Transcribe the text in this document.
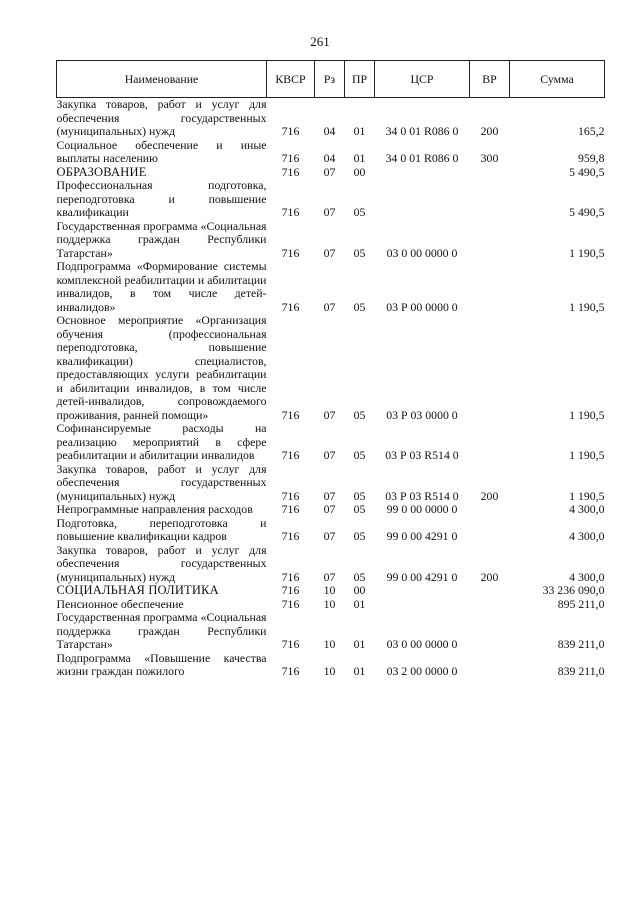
261
Наименование	КВСР	Рз	ПР	ЦСР	ВР	Сумма
Закупка товаров, работ и услуг для обеспечения государственных (муниципальных) нужд	716	04	01	34 0 01 R086 0	200	165,2
Социальное обеспечение и иные выплаты населению	716	04	01	34 0 01 R086 0	300	959,8
ОБРАЗОВАНИЕ	716	07	00			5 490,5
Профессиональная подготовка, переподготовка и повышение квалификации	716	07	05			5 490,5
Государственная программа «Социальная поддержка граждан Республики Татарстан»	716	07	05	03 0 00 0000 0		1 190,5
Подпрограмма «Формирование системы комплексной реабилитации и абилитации инвалидов, в том числе детей-инвалидов»	716	07	05	03 Р 00 0000 0		1 190,5
Основное мероприятие «Организация обучения (профессиональная переподготовка, повышение квалификации) специалистов, предоставляющих услуги реабилитации и абилитации инвалидов, в том числе детей-инвалидов, сопровождаемого проживания, ранней помощи»	716	07	05	03 Р 03 0000 0		1 190,5
Софинансируемые расходы на реализацию мероприятий в сфере реабилитации и абилитации инвалидов	716	07	05	03 Р 03 R514 0		1 190,5
Закупка товаров, работ и услуг для обеспечения государственных (муниципальных) нужд	716	07	05	03 Р 03 R514 0	200	1 190,5
Непрограммные направления расходов	716	07	05	99 0 00 0000 0		4 300,0
Подготовка, переподготовка и повышение квалификации кадров	716	07	05	99 0 00 4291 0		4 300,0
Закупка товаров, работ и услуг для обеспечения государственных (муниципальных) нужд	716	07	05	99 0 00 4291 0	200	4 300,0
СОЦИАЛЬНАЯ ПОЛИТИКА	716	10	00			33 236 090,0
Пенсионное обеспечение	716	10	01			895 211,0
Государственная программа «Социальная поддержка граждан Республики Татарстан»	716	10	01	03 0 00 0000 0		839 211,0
Подпрограмма «Повышение качества жизни граждан пожилого	716	10	01	03 2 00 0000 0		839 211,0
